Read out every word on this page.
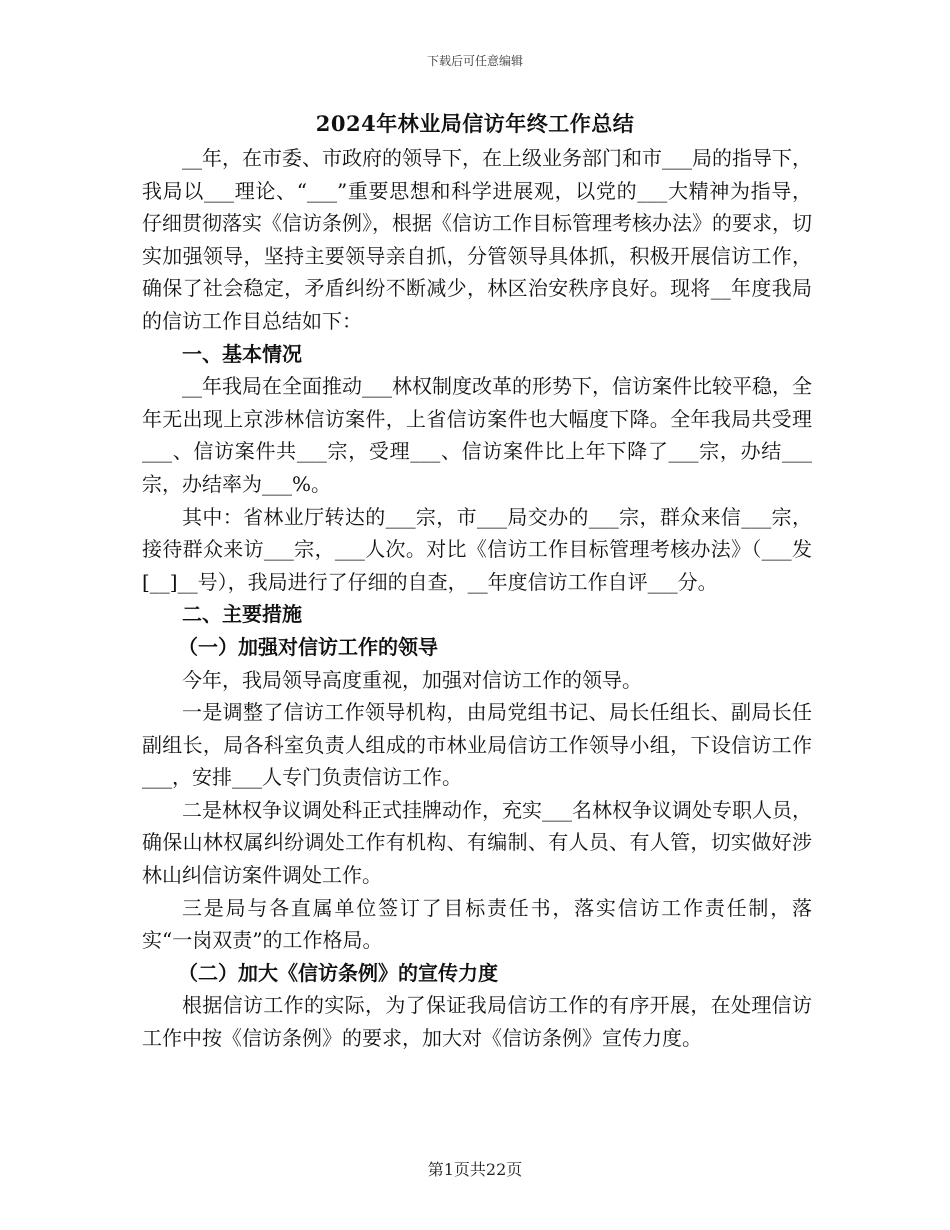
下载后可任意编辑
2024年林业局信访年终工作总结

__年，在市委、市政府的领导下，在上级业务部门和市___局的指导下，我局以___理论、“___”重要思想和科学进展观，以党的___大精神为指导，仔细贯彻落实《信访条例》，根据《信访工作目标管理考核办法》的要求，切实加强领导，坚持主要领导亲自抓，分管领导具体抓，积极开展信访工作，确保了社会稳定，矛盾纠纷不断减少，林区治安秩序良好。现将__年度我局的信访工作目总结如下：

一、基本情况

__年我局在全面推动___林权制度改革的形势下，信访案件比较平稳，全年无出现上京涉林信访案件，上省信访案件也大幅度下降。全年我局共受理___、信访案件共___宗，受理___、信访案件比上年下降了___宗，办结___宗，办结率为___%。

其中：省林业厅转达的___宗，市___局交办的___宗，群众来信___宗，接待群众来访___宗，___人次。对比《信访工作目标管理考核办法》（___发[__]__号），我局进行了仔细的自查，__年度信访工作自评___分。

二、主要措施

（一）加强对信访工作的领导

今年，我局领导高度重视，加强对信访工作的领导。

一是调整了信访工作领导机构，由局党组书记、局长任组长、副局长任副组长，局各科室负责人组成的市林业局信访工作领导小组，下设信访工作___，安排___人专门负责信访工作。

二是林权争议调处科正式挂牌动作，充实___名林权争议调处专职人员，确保山林权属纠纷调处工作有机构、有编制、有人员、有人管，切实做好涉林山纠信访案件调处工作。

三是局与各直属单位签订了目标责任书，落实信访工作责任制，落实“一岗双责”的工作格局。

（二）加大《信访条例》的宣传力度

根据信访工作的实际，为了保证我局信访工作的有序开展，在处理信访工作中按《信访条例》的要求，加大对《信访条例》宣传力度。

第1页共22页
